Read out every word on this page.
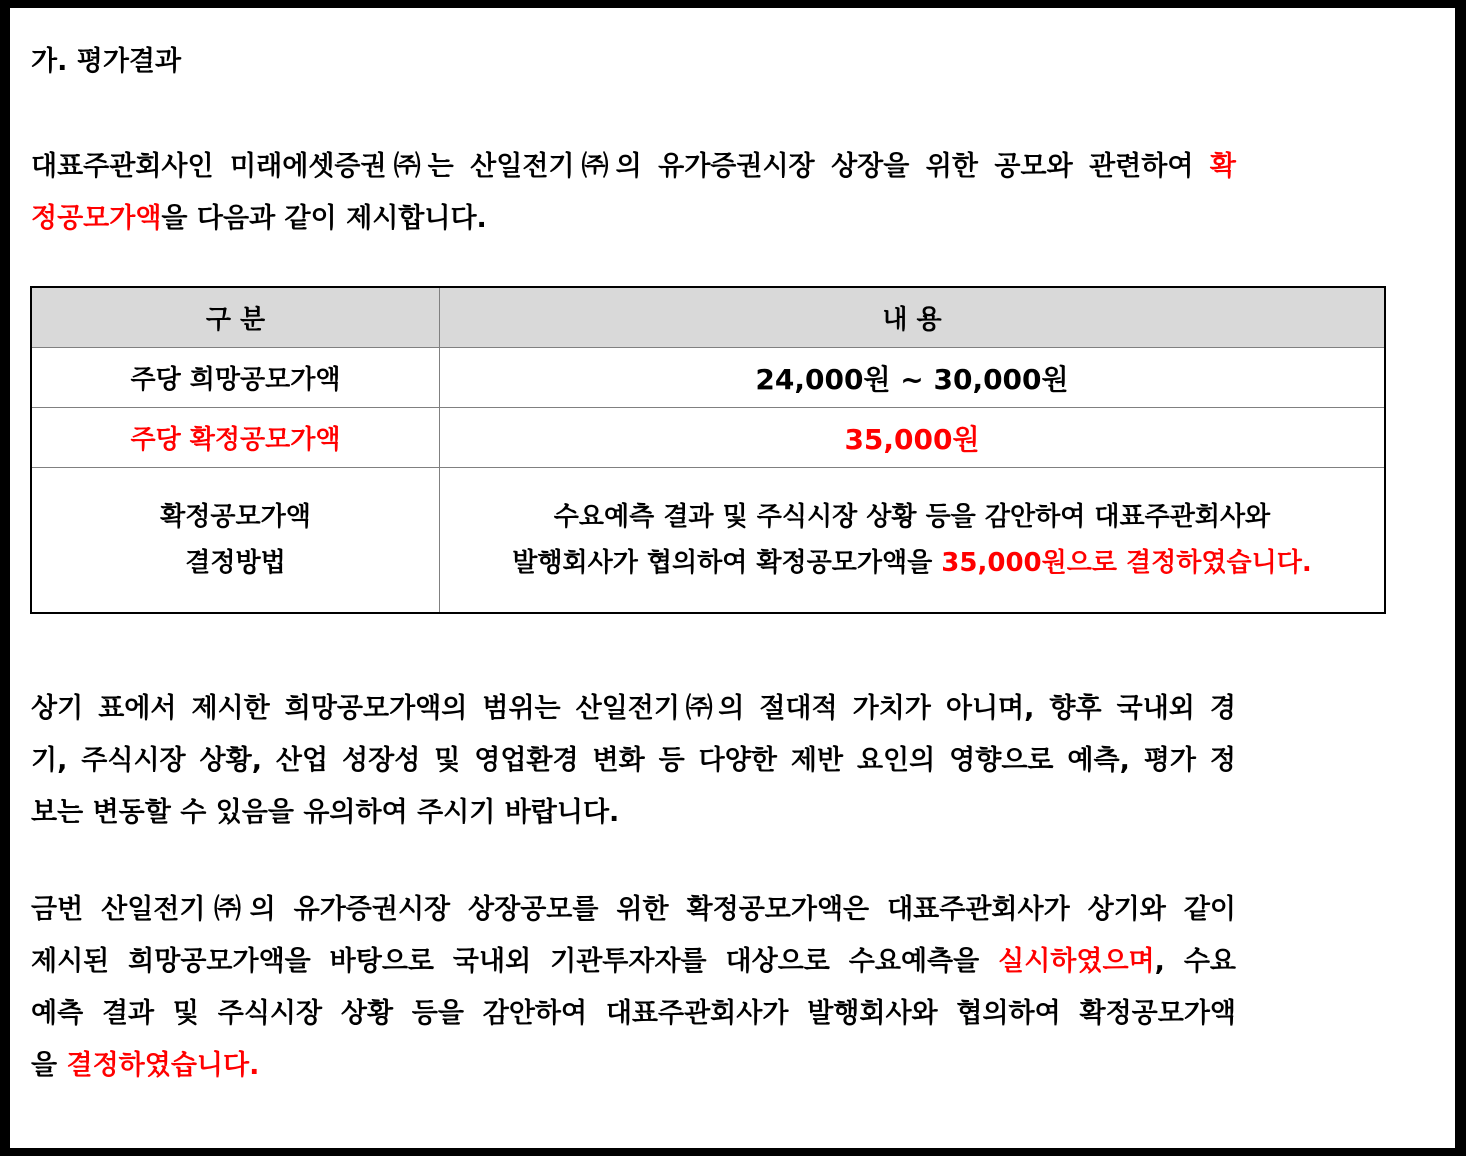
가. 평가결과

대표주관회사인 미래에셋증권㈜는 산일전기㈜의 유가증권시장 상장을 위한 공모와 관련하여 확
정공모가액을 다음과 같이 제시합니다.

구 분	내 용
주당 희망공모가액	24,000원 ~ 30,000원
주당 확정공모가액	35,000원

확정공모가액
결정방법	수요예측 결과 및 주식시장 상황 등을 감안하여 대표주관회사와
발행회사가 협의하여 확정공모가액을 35,000원으로 결정하였습니다.

상기 표에서 제시한 희망공모가액의 범위는 산일전기㈜의 절대적 가치가 아니며, 향후 국내외 경
기, 주식시장 상황, 산업 성장성 및 영업환경 변화 등 다양한 제반 요인의 영향으로 예측, 평가 정
보는 변동할 수 있음을 유의하여 주시기 바랍니다.

금번 산일전기㈜의 유가증권시장 상장공모를 위한 확정공모가액은 대표주관회사가 상기와 같이
제시된 희망공모가액을 바탕으로 국내외 기관투자자를 대상으로 수요예측을 실시하였으며, 수요
예측 결과 및 주식시장 상황 등을 감안하여 대표주관회사가 발행회사와 협의하여 확정공모가액
을 결정하였습니다.
